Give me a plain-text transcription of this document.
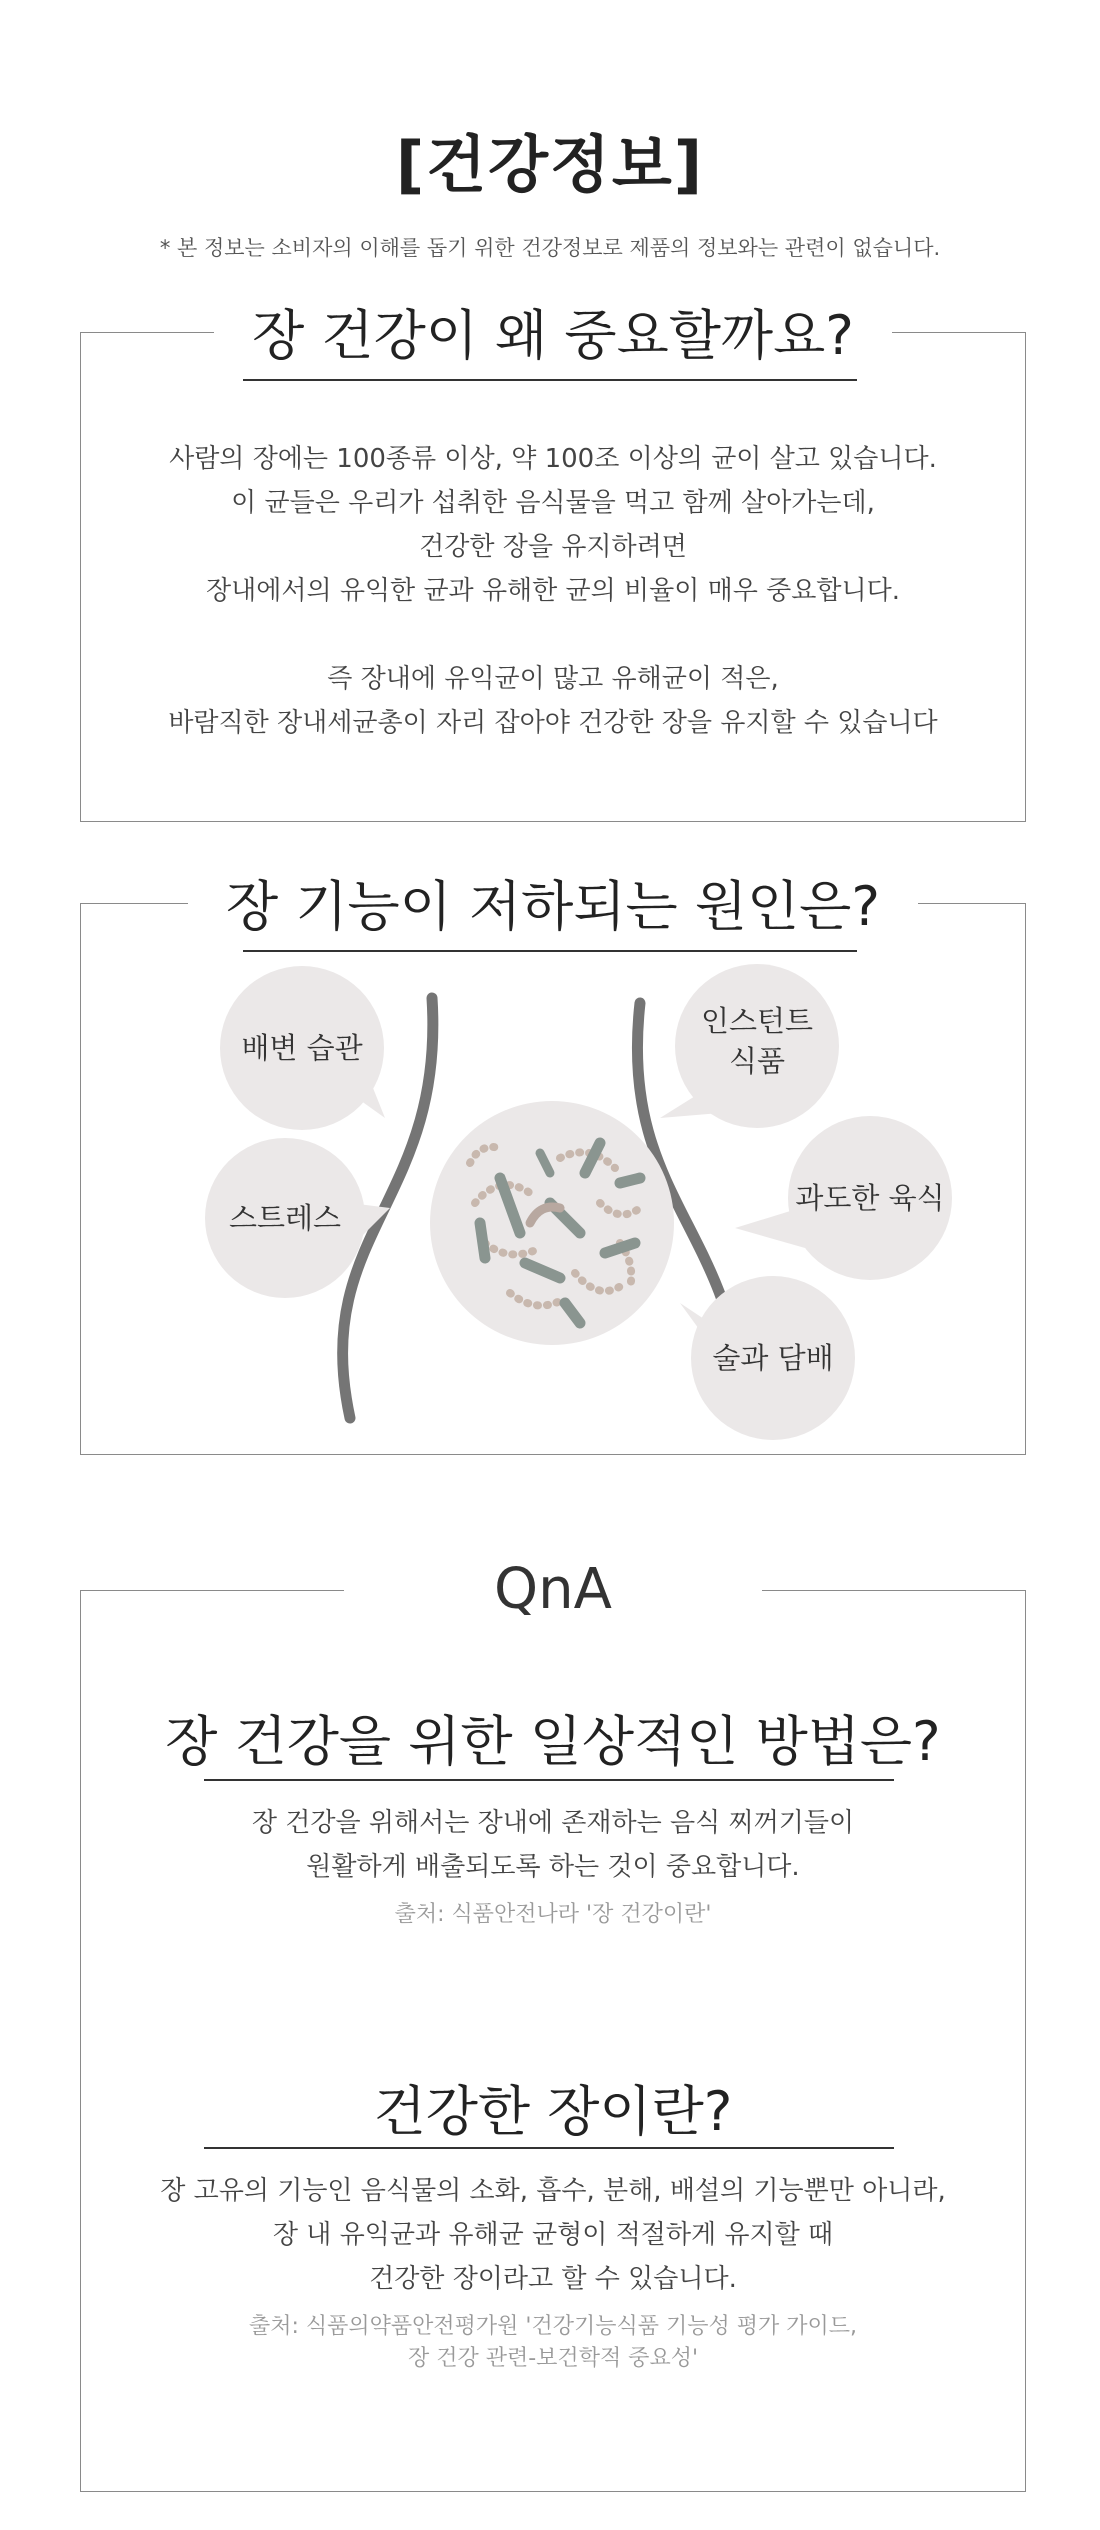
[건강정보]
* 본 정보는 소비자의 이해를 돕기 위한 건강정보로 제품의 정보와는 관련이 없습니다.
장 건강이 왜 중요할까요?
사람의 장에는 100종류 이상, 약 100조 이상의 균이 살고 있습니다.
이 균들은 우리가 섭취한 음식물을 먹고 함께 살아가는데,
건강한 장을 유지하려면
장내에서의 유익한 균과 유해한 균의 비율이 매우 중요합니다.
즉 장내에 유익균이 많고 유해균이 적은,
바람직한 장내세균총이 자리 잡아야 건강한 장을 유지할 수 있습니다
장 기능이 저하되는 원인은?
배변 습관
스트레스
인스턴트
식품
과도한 육식
술과 담배
QnA
장 건강을 위한 일상적인 방법은?
장 건강을 위해서는 장내에 존재하는 음식 찌꺼기들이
원활하게 배출되도록 하는 것이 중요합니다.
출처: 식품안전나라 '장 건강이란'
건강한 장이란?
장 고유의 기능인 음식물의 소화, 흡수, 분해, 배설의 기능뿐만 아니라,
장 내 유익균과 유해균 균형이 적절하게 유지할 때
건강한 장이라고 할 수 있습니다.
출처: 식품의약품안전평가원 '건강기능식품 기능성 평가 가이드,
장 건강 관련-보건학적 중요성'
